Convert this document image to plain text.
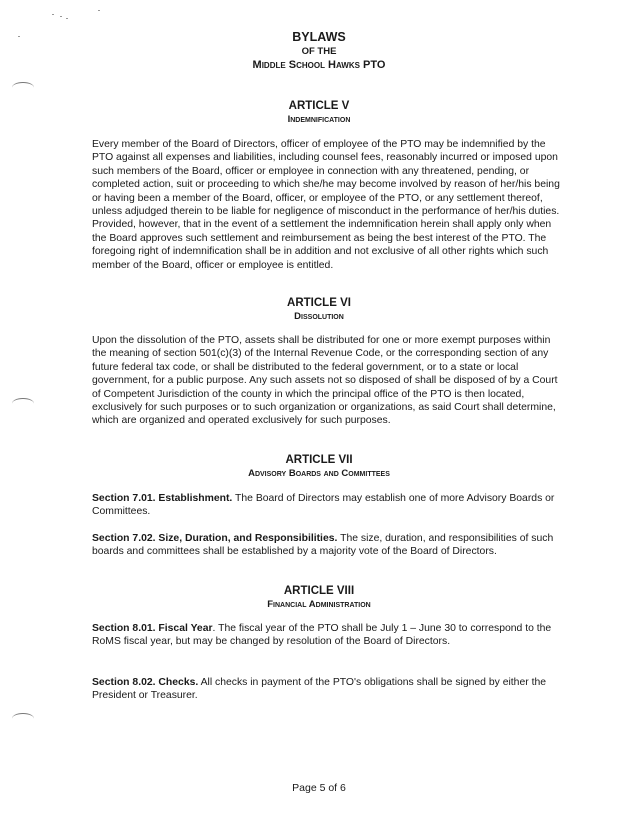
BYLAWS
OF THE
Middle School Hawks PTO
ARTICLE V
Indemnification

Every member of the Board of Directors, officer of employee of the PTO may be indemnified by the PTO against all expenses and liabilities, including counsel fees, reasonably incurred or imposed upon such members of the Board, officer or employee in connection with any threatened, pending, or completed action, suit or proceeding to which she/he may become involved by reason of her/his being or having been a member of the Board, officer, or employee of the PTO, or any settlement thereof, unless adjudged therein to be liable for negligence of misconduct in the performance of her/his duties. Provided, however, that in the event of a settlement the indemnification herein shall apply only when the Board approves such settlement and reimbursement as being the best interest of the PTO. The foregoing right of indemnification shall be in addition and not exclusive of all other rights which such member of the Board, officer or employee is entitled.

ARTICLE VI
Dissolution

Upon the dissolution of the PTO, assets shall be distributed for one or more exempt purposes within the meaning of section 501(c)(3) of the Internal Revenue Code, or the corresponding section of any future federal tax code, or shall be distributed to the federal government, or to a state or local government, for a public purpose. Any such assets not so disposed of shall be disposed of by a Court of Competent Jurisdiction of the county in which the principal office of the PTO is then located, exclusively for such purposes or to such organization or organizations, as said Court shall determine, which are organized and operated exclusively for such purposes.

ARTICLE VII
Advisory Boards and Committees

Section 7.01. Establishment. The Board of Directors may establish one of more Advisory Boards or Committees.

Section 7.02. Size, Duration, and Responsibilities. The size, duration, and responsibilities of such boards and committees shall be established by a majority vote of the Board of Directors.

ARTICLE VIII
Financial Administration

Section 8.01. Fiscal Year. The fiscal year of the PTO shall be July 1 – June 30 to correspond to the RoMS fiscal year, but may be changed by resolution of the Board of Directors.

Section 8.02. Checks. All checks in payment of the PTO's obligations shall be signed by either the President or Treasurer.

Page 5 of 6
